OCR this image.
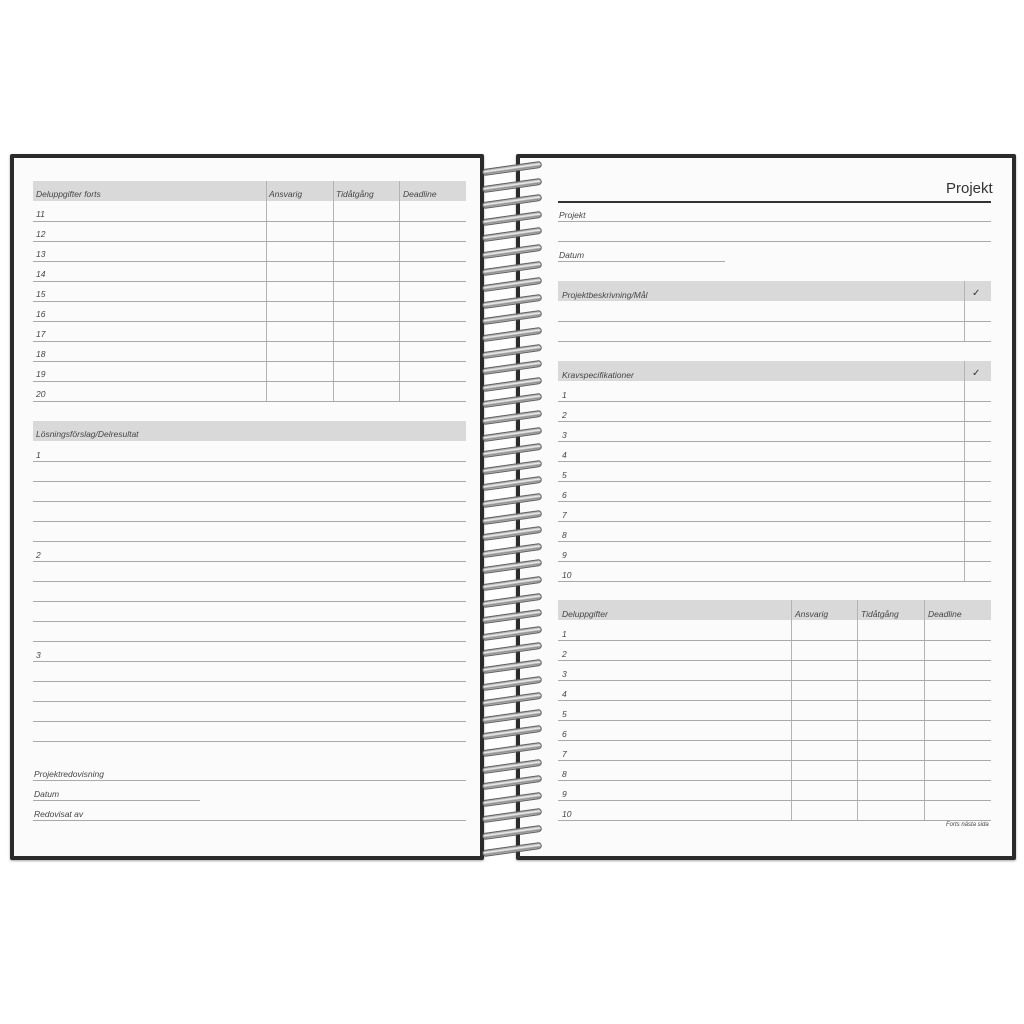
Deluppgifter forts	Ansvarig	Tidåtgång	Deadline
11
12
13
14
15
16
17
18
19
20
Lösningsförslag/Delresultat
1
2
3
Projektredovisning
Datum
Redovisat av
Projekt
Projekt
Datum
Projektbeskrivning/Mål	✓
Kravspecifikationer	✓
1
2
3
4
5
6
7
8
9
10
Deluppgifter	Ansvarig	Tidåtgång	Deadline
1
2
3
4
5
6
7
8
9
10
Forts nästa sida
